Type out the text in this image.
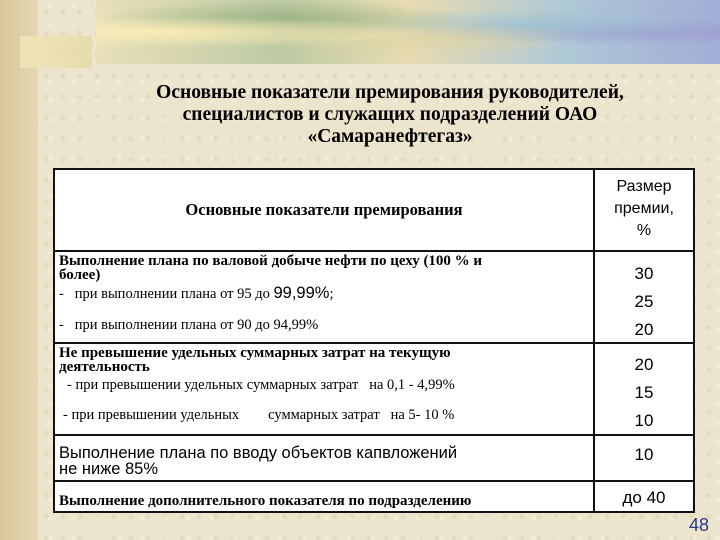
Основные показатели премирования руководителей,
специалистов и служащих подразделений ОАО
«Самаранефтегаз»
Основные показатели премирования
Размер
премии,
%
Выполнение плана по валовой добыче нефти по цеху (100 % и
более)
-   при выполнении плана от 95 до 99,99%;
-   при выполнении плана от 90 до 94,99%
30
25
20
Не превышение удельных суммарных затрат на текущую
деятельность
- при превышении удельных суммарных затрат   на 0,1 - 4,99%
- при превышении удельных        суммарных затрат   на 5- 10 %
20
15
10
Выполнение плана по вводу объектов капвложений
не ниже 85%
10
Выполнение дополнительного показателя по подразделению	до 40
48
